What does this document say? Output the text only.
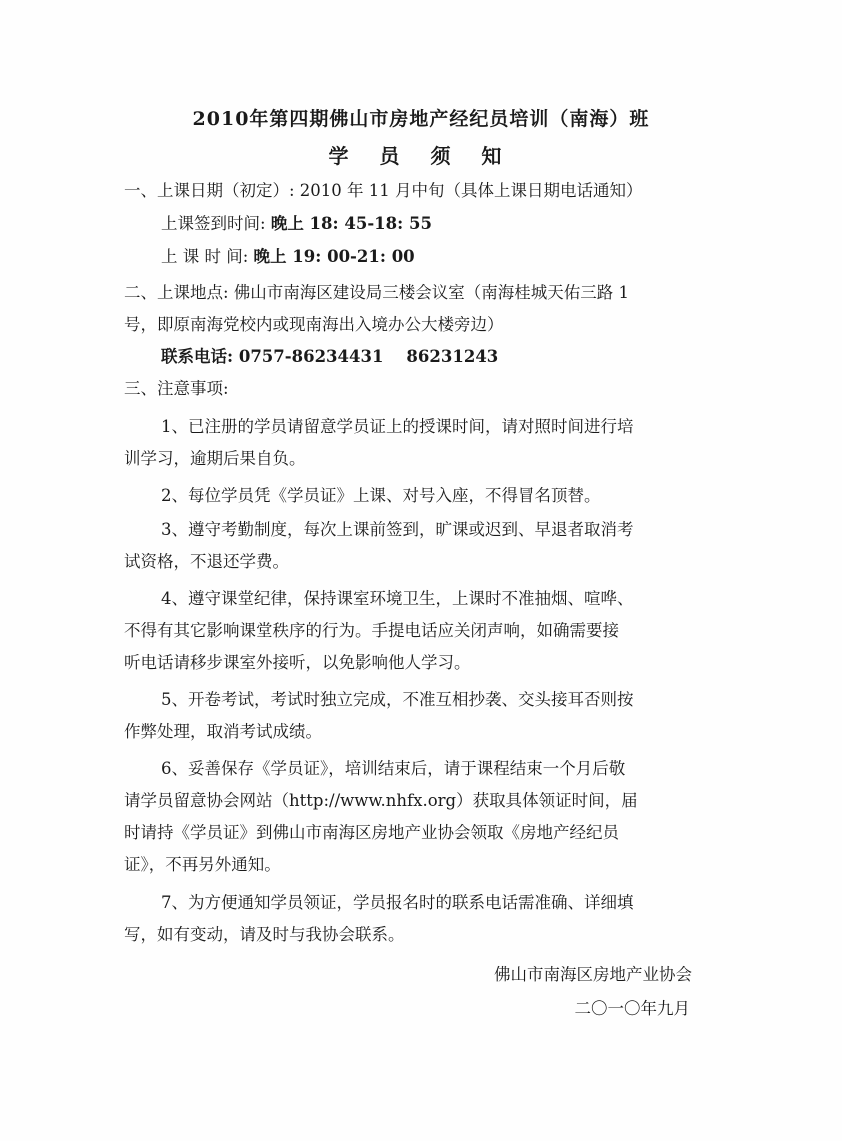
2010年第四期佛山市房地产经纪员培训（南海）班
学 员 须 知
一、上课日期（初定）: 2010 年 11 月中旬（具体上课日期电话通知）
上课签到时间: 晚上 18: 45-18: 55
上 课 时 间: 晚上 19: 00-21: 00
二、上课地点: 佛山市南海区建设局三楼会议室（南海桂城天佑三路 1
号，即原南海党校内或现南海出入境办公大楼旁边）
联系电话: 0757-86234431    86231243
三、注意事项:
1、已注册的学员请留意学员证上的授课时间，请对照时间进行培
训学习，逾期后果自负。
2、每位学员凭《学员证》上课、对号入座，不得冒名顶替。
3、遵守考勤制度，每次上课前签到，旷课或迟到、早退者取消考
试资格，不退还学费。
4、遵守课堂纪律，保持课室环境卫生，上课时不准抽烟、喧哗、
不得有其它影响课堂秩序的行为。手提电话应关闭声响，如确需要接
听电话请移步课室外接听，以免影响他人学习。
5、开卷考试，考试时独立完成，不准互相抄袭、交头接耳否则按
作弊处理，取消考试成绩。
6、妥善保存《学员证》，培训结束后，请于课程结束一个月后敬
请学员留意协会网站（http://www.nhfx.org）获取具体领证时间，届
时请持《学员证》到佛山市南海区房地产业协会领取《房地产经纪员
证》，不再另外通知。
7、为方便通知学员领证，学员报名时的联系电话需准确、详细填
写，如有变动，请及时与我协会联系。
佛山市南海区房地产业协会
二〇一〇年九月
